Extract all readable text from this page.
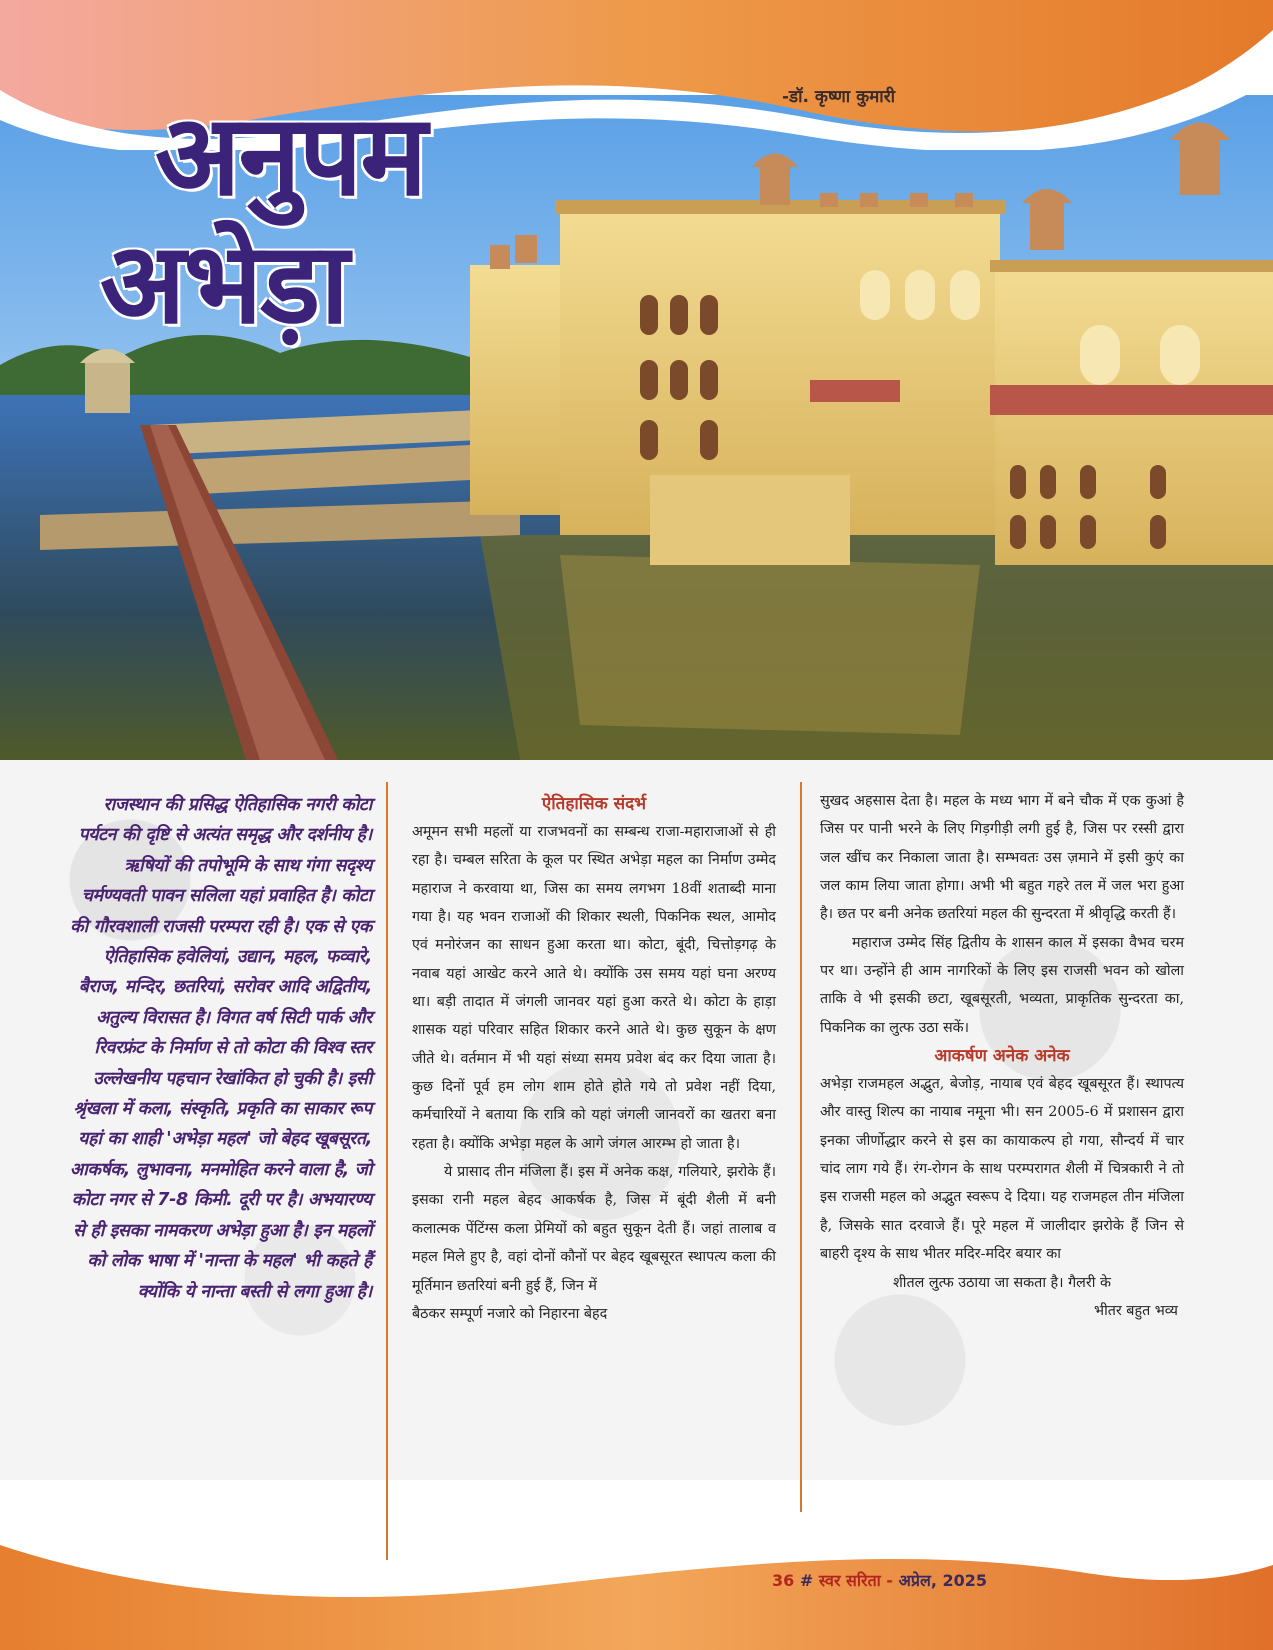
-डॉ. कृष्णा कुमारी
अनुपम
अभेड़ा
राजस्थान की प्रसिद्ध ऐतिहासिक नगरी कोटा पर्यटन की दृष्टि से अत्यंत समृद्ध और दर्शनीय है। ऋषियों की तपोभूमि के साथ गंगा सदृश्य चर्मण्यवती पावन सलिला यहां प्रवाहित है। कोटा की गौरवशाली राजसी परम्परा रही है। एक से एक ऐतिहासिक हवेलियां, उद्यान, महल, फव्वारे, बैराज, मन्दिर, छतरियां, सरोवर आदि अद्वितीय, अतुल्य विरासत है। विगत वर्ष सिटी पार्क और रिवरफ्रंट के निर्माण से तो कोटा की विश्व स्तर उल्लेखनीय पहचान रेखांकित हो चुकी है। इसी श्रृंखला में कला, संस्कृति, प्रकृति का साकार रूप यहां का शाही 'अभेड़ा महल' जो बेहद खूबसूरत, आकर्षक, लुभावना, मनमोहित करने वाला है, जो कोटा नगर से 7-8 किमी. दूरी पर है। अभयारण्य से ही इसका नामकरण अभेड़ा हुआ है। इन महलों को लोक भाषा में 'नान्ता के महल' भी कहते हैं क्योंकि ये नान्ता बस्ती से लगा हुआ है।
ऐतिहासिक संदर्भ

अमूमन सभी महलों या राजभवनों का सम्बन्ध राजा-महाराजाओं से ही रहा है। चम्बल सरिता के कूल पर स्थित अभेड़ा महल का निर्माण उम्मेद महाराज ने करवाया था, जिस का समय लगभग 18वीं शताब्दी माना गया है। यह भवन राजाओं की शिकार स्थली, पिकनिक स्थल, आमोद एवं मनोरंजन का साधन हुआ करता था। कोटा, बूंदी, चित्तोड़गढ़ के नवाब यहां आखेट करने आते थे। क्योंकि उस समय यहां घना अरण्य था। बड़ी तादात में जंगली जानवर यहां हुआ करते थे। कोटा के हाड़ा शासक यहां परिवार सहित शिकार करने आते थे। कुछ सुकून के क्षण जीते थे। वर्तमान में भी यहां संध्या समय प्रवेश बंद कर दिया जाता है। कुछ दिनों पूर्व हम लोग शाम होते होते गये तो प्रवेश नहीं दिया, कर्मचारियों ने बताया कि रात्रि को यहां जंगली जानवरों का खतरा बना रहता है। क्योंकि अभेड़ा महल के आगे जंगल आरम्भ हो जाता है।

ये प्रासाद तीन मंजिला हैं। इस में अनेक कक्ष, गलियारे, झरोके हैं। इसका रानी महल बेहद आकर्षक है, जिस में बूंदी शैली में बनी कलात्मक पेंटिंग्स कला प्रेमियों को बहुत सुकून देती हैं। जहां तालाब व महल मिले हुए है, वहां दोनों कौनों पर बेहद खूबसूरत स्थापत्य कला की मूर्तिमान छतरियां बनी हुई हैं, जिन में

बैठकर सम्पूर्ण नजारे को निहारना बेहद

सुखद अहसास देता है। महल के मध्य भाग में बने चौक में एक कुआं है जिस पर पानी भरने के लिए गिड़गीड़ी लगी हुई है, जिस पर रस्सी द्वारा जल खींच कर निकाला जाता है। सम्भवतः उस ज़माने में इसी कुएं का जल काम लिया जाता होगा। अभी भी बहुत गहरे तल में जल भरा हुआ है। छत पर बनी अनेक छतरियां महल की सुन्दरता में श्रीवृद्धि करती हैं।

महाराज उम्मेद सिंह द्वितीय के शासन काल में इसका वैभव चरम पर था। उन्होंने ही आम नागरिकों के लिए इस राजसी भवन को खोला ताकि वे भी इसकी छटा, खूबसूरती, भव्यता, प्राकृतिक सुन्दरता का, पिकनिक का लुत्फ उठा सकें।

आकर्षण अनेक अनेक

अभेड़ा राजमहल अद्भुत, बेजोड़, नायाब एवं बेहद खूबसूरत हैं। स्थापत्य और वास्तु शिल्प का नायाब नमूना भी। सन 2005-6 में प्रशासन द्वारा इनका जीर्णोद्धार करने से इस का कायाकल्प हो गया, सौन्दर्य में चार चांद लाग गये हैं। रंग-रोगन के साथ परम्परागत शैली में चित्रकारी ने तो इस राजसी महल को अद्भुत स्वरूप दे दिया। यह राजमहल तीन मंजिला है, जिसके सात दरवाजे हैं। पूरे महल में जालीदार झरोके हैं जिन से बाहरी दृश्य के साथ भीतर मदिर-मदिर बयार का

शीतल लुत्फ उठाया जा सकता है। गैलरी के

भीतर बहुत भव्य

36 # स्वर सरिता - अप्रेल, 2025
